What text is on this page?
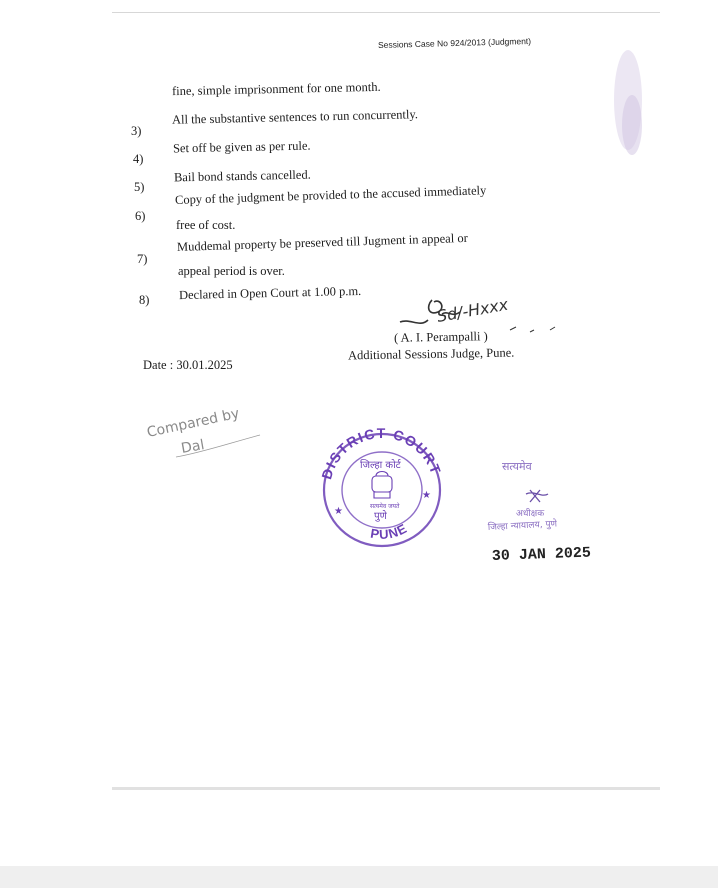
Sessions Case No 924/2013 (Judgment)
fine, simple imprisonment for one month.
3)
All the substantive sentences to run concurrently.
4)
Set off be given as per rule.
5)
Bail bond stands cancelled.
6)
Copy of the judgment be provided to the accused immediately
free of cost.
7)
Muddemal property be preserved till Jugment in appeal or
appeal period is over.
8) Declared in Open Court at 1.00 p.m.
Sd/-Hxxx
( A. I. Perampalli )
Additional Sessions Judge, Pune.
Date : 30.01.2025
Compared by
Dal
DISTRICT COURT
जिल्हा कोर्ट
सत्यमेव जयते
पुणे
★
★
PUNE
सत्यमेव
अधीक्षक
जिल्हा न्यायालय, पुणे
30 JAN 2025
